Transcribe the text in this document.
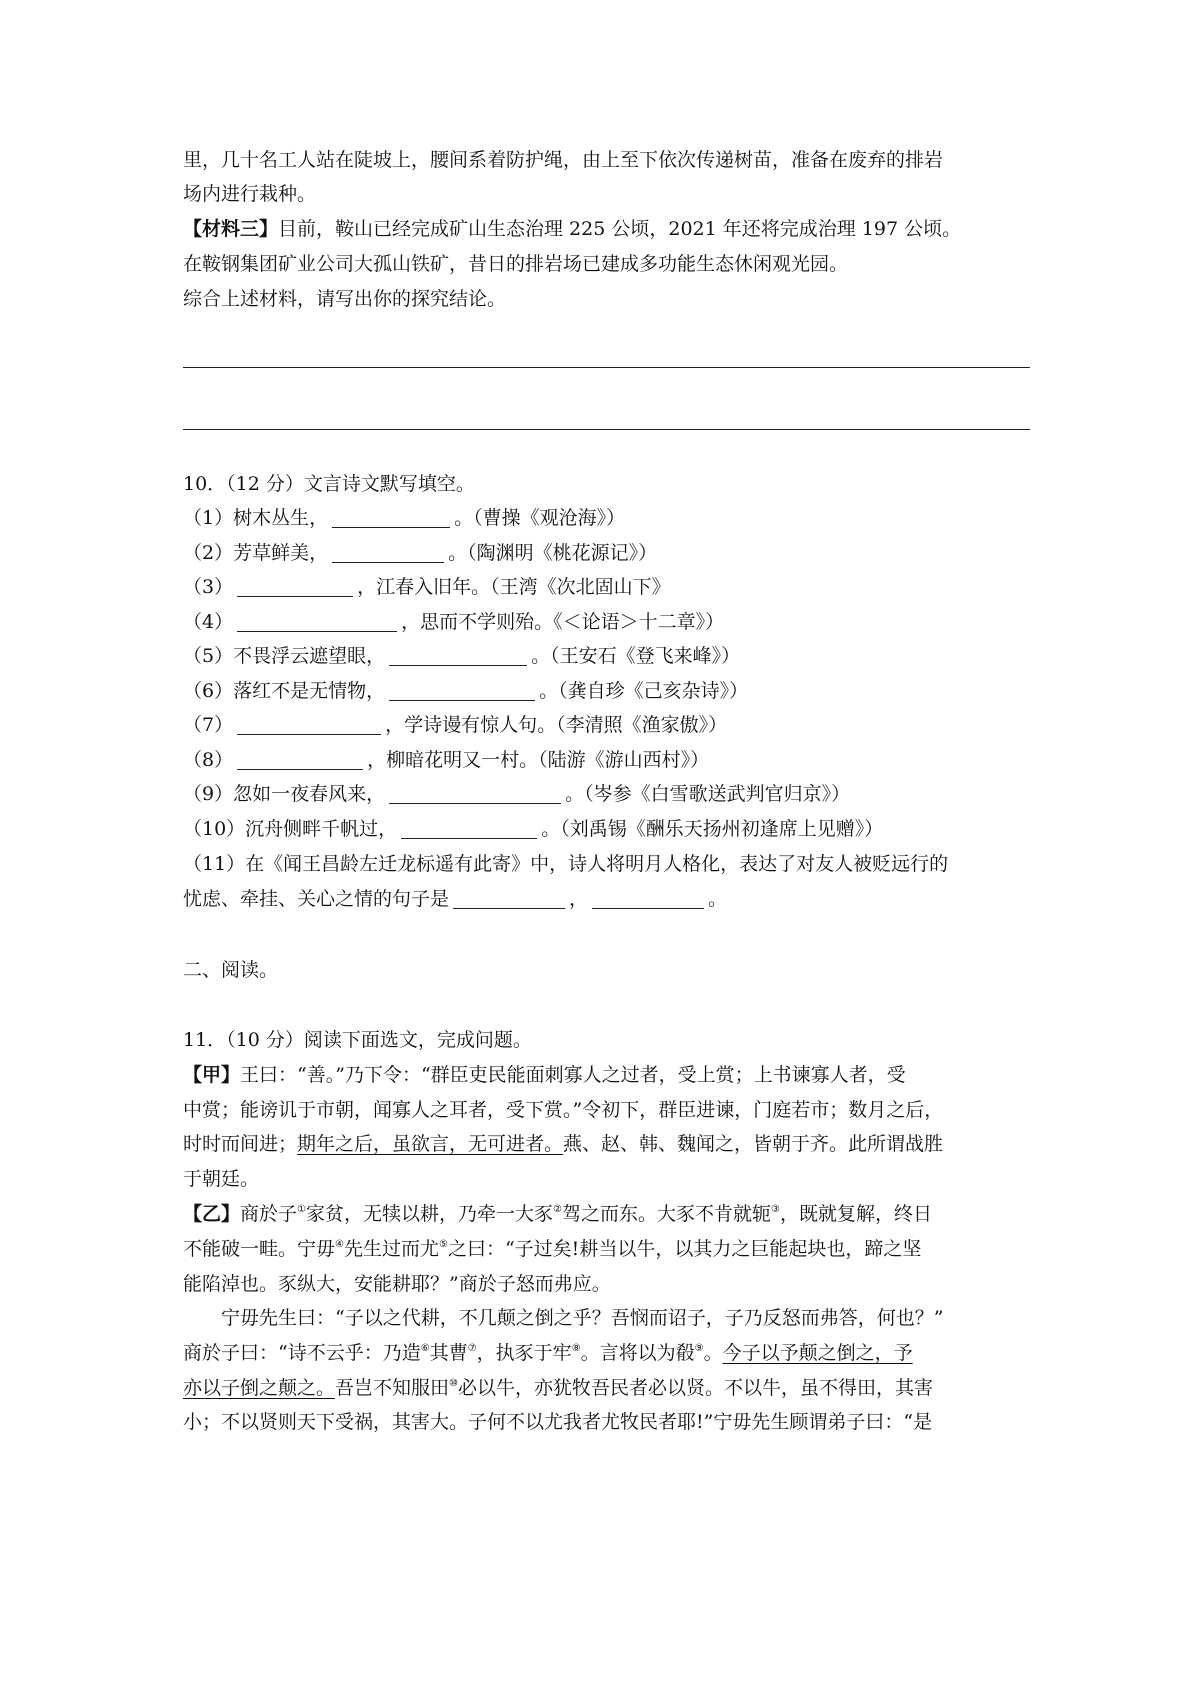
里，几十名工人站在陡坡上，腰间系着防护绳，由上至下依次传递树苗，准备在废弃的排岩
场内进行栽种。
【材料三】目前，鞍山已经完成矿山生态治理 225 公顷，2021 年还将完成治理 197 公顷。
在鞍钢集团矿业公司大孤山铁矿，昔日的排岩场已建成多功能生态休闲观光园。
综合上述材料，请写出你的探究结论。
10．（12 分）文言诗文默写填空。
（1）树木丛生，	。（曹操《观沧海》）
（2）芳草鲜美，	。（陶渊明《桃花源记》）
（3）	，江春入旧年。（王湾《次北固山下》
（4）	，思而不学则殆。《＜论语＞十二章》）
（5）不畏浮云遮望眼，	。（王安石《登飞来峰》）
（6）落红不是无情物，	。（龚自珍《己亥杂诗》）
（7）	，学诗谩有惊人句。（李清照《渔家傲》）
（8）	，柳暗花明又一村。（陆游《游山西村》）
（9）忽如一夜春风来，	。（岑参《白雪歌送武判官归京》）
（10）沉舟侧畔千帆过，	。（刘禹锡《酬乐天扬州初逢席上见赠》）
（11）在《闻王昌龄左迁龙标遥有此寄》中，诗人将明月人格化，表达了对友人被贬远行的
忧虑、牵挂、关心之情的句子是	，	。
二、阅读。
11．（10 分）阅读下面选文，完成问题。
【甲】王曰：“善。”乃下令：“群臣吏民能面刺寡人之过者，受上赏；上书谏寡人者，受
中赏；能谤讥于市朝，闻寡人之耳者，受下赏。”令初下，群臣进谏，门庭若市；数月之后，
时时而间进；期年之后，虽欲言，无可进者。燕、赵、韩、魏闻之，皆朝于齐。此所谓战胜
于朝廷。
【乙】商於子①家贫，无犊以耕，乃牵一大豕②驾之而东。大豕不肯就轭③，既就复解，终日
不能破一畦。宁毋④先生过而尤⑤之曰：“子过矣!耕当以牛，以其力之巨能起块也，蹄之坚
能陷淖也。豕纵大，安能耕耶？”商於子怒而弗应。
宁毋先生曰：“子以之代耕，不几颠之倒之乎？吾悯而诏子，子乃反怒而弗答，何也？”
商於子曰：“诗不云乎：乃造⑥其曹⑦，执豕于牢⑧。言将以为殽⑨。今子以予颠之倒之，予
亦以子倒之颠之。吾岂不知服田⑩必以牛，亦犹牧吾民者必以贤。不以牛，虽不得田，其害
小；不以贤则天下受祸，其害大。子何不以尤我者尤牧民者耶!”宁毋先生顾谓弟子曰：“是
